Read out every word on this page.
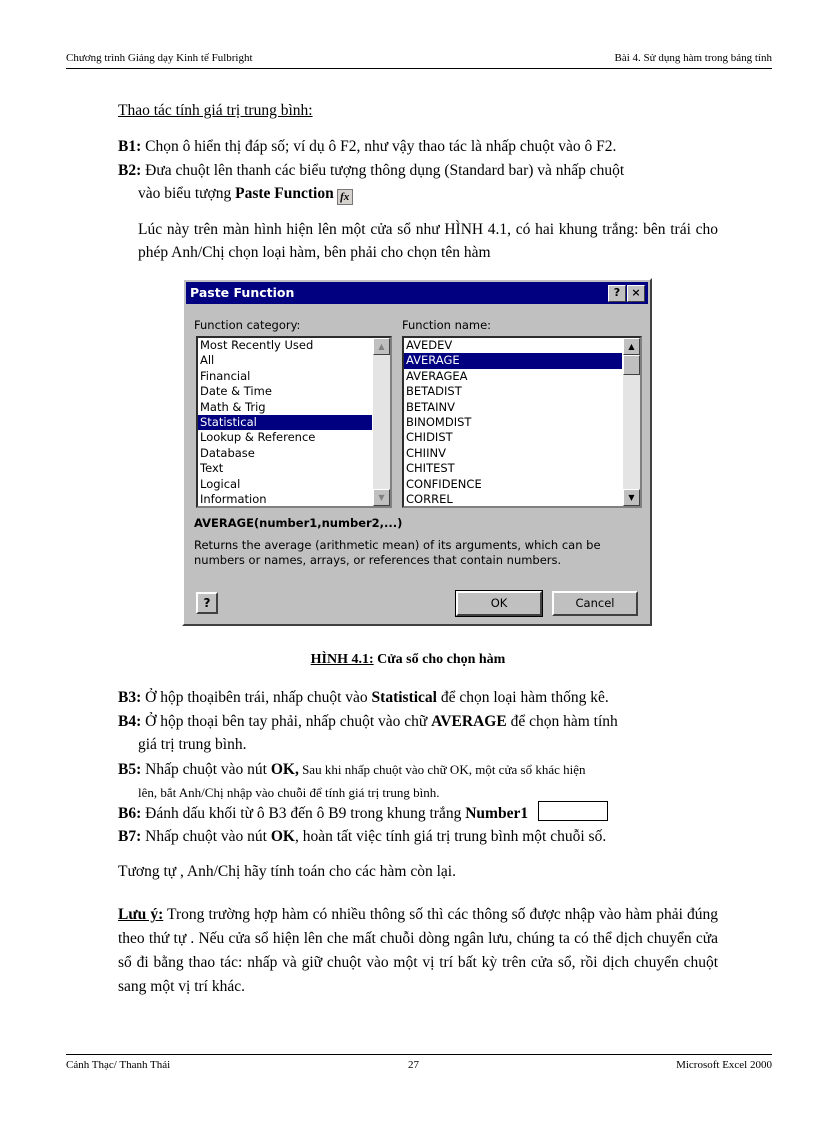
Chương trình Giảng dạy Kinh tế Fulbright	Bài 4. Sử dụng hàm trong bảng tính
Thao tác tính giá trị trung bình:
B1: Chọn ô hiển thị đáp số; ví dụ ô F2, như vậy thao tác là nhấp chuột vào ô F2.
B2: Đưa chuột lên thanh các biểu tượng thông dụng (Standard bar) và nhấp chuột
vào biểu tượng Paste Function fx
Lúc này trên màn hình hiện lên một cửa sổ như HÌNH 4.1, có hai khung trắng: bên trái cho phép Anh/Chị chọn loại hàm, bên phải cho chọn tên hàm
Paste Function	?	×
Function category:	Function name:
Most Recently Used
All
Financial
Date & Time
Math & Trig
Statistical
Lookup & Reference
Database
Text
Logical
Information
▲
▼
AVEDEV
AVERAGE
AVERAGEA
BETADIST
BETAINV
BINOMDIST
CHIDIST
CHIINV
CHITEST
CONFIDENCE
CORREL
▲
▼
AVERAGE(number1,number2,...)
Returns the average (arithmetic mean) of its arguments, which can be numbers or names, arrays, or references that contain numbers.
?	OK	Cancel
HÌNH 4.1: Cửa sổ cho chọn hàm
B3: Ở hộp thoạibên trái, nhấp chuột vào Statistical để chọn loại hàm thống kê.
B4: Ở hộp thoại bên tay phải, nhấp chuột vào chữ AVERAGE để chọn hàm tính
giá trị trung bình.
B5: Nhấp chuột vào nút OK, Sau khi nhấp chuột vào chữ OK, một cửa sổ khác hiện
lên, bắt Anh/Chị nhập vào chuỗi để tính giá trị trung bình.
B6: Đánh dấu khối từ ô B3 đến ô B9 trong khung trắng Number1
B7: Nhấp chuột vào nút OK, hoàn tất việc tính giá trị trung bình một chuỗi số.
Tương tự , Anh/Chị hãy tính toán cho các hàm còn lại.
Lưu ý: Trong trường hợp hàm có nhiều thông số thì các thông số được nhập vào hàm phải đúng theo thứ tự . Nếu cửa sổ hiện lên che mất chuỗi dòng ngân lưu, chúng ta có thể dịch chuyển cửa sổ đi bằng thao tác: nhấp và giữ chuột vào một vị trí bất kỳ trên cửa sổ, rồi dịch chuyển chuột sang một vị trí khác.
Cảnh Thạc/ Thanh Thái	27	Microsoft Excel 2000
